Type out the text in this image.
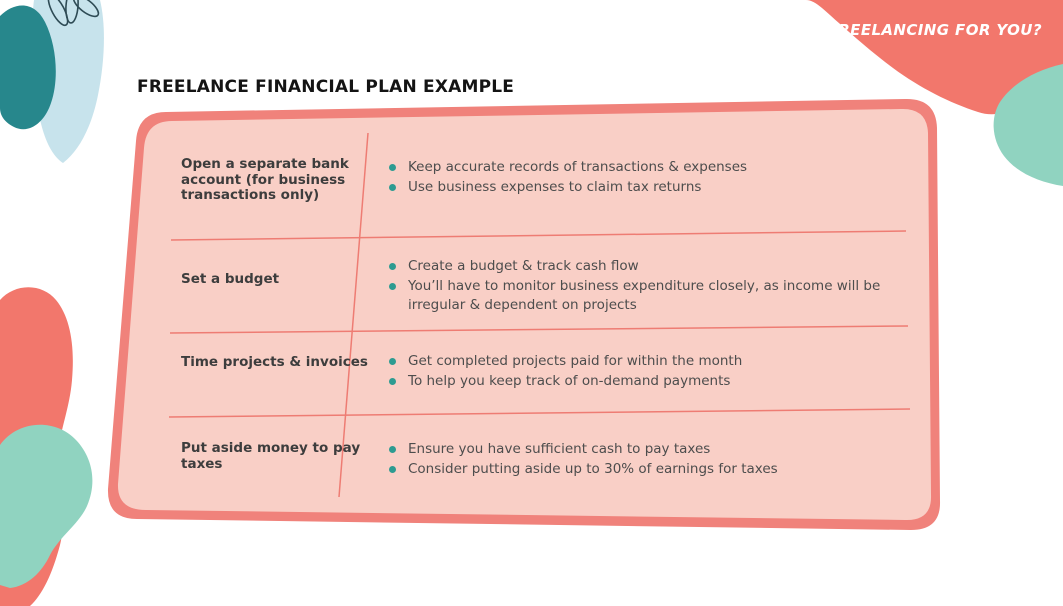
IS FREELANCING FOR YOU?
FREELANCE FINANCIAL PLAN EXAMPLE
Open a separate bank account (for business transactions only)
Keep accurate records of transactions & expenses
Use business expenses to claim tax returns
Set a budget
Create a budget & track cash flow
You’ll have to monitor business expenditure closely, as income will be irregular & dependent on projects
Time projects & invoices	Get completed projects paid for within the month
To help you keep track of on-demand payments
Put aside money to pay taxes
Ensure you have sufficient cash to pay taxes
Consider putting aside up to 30% of earnings for taxes
